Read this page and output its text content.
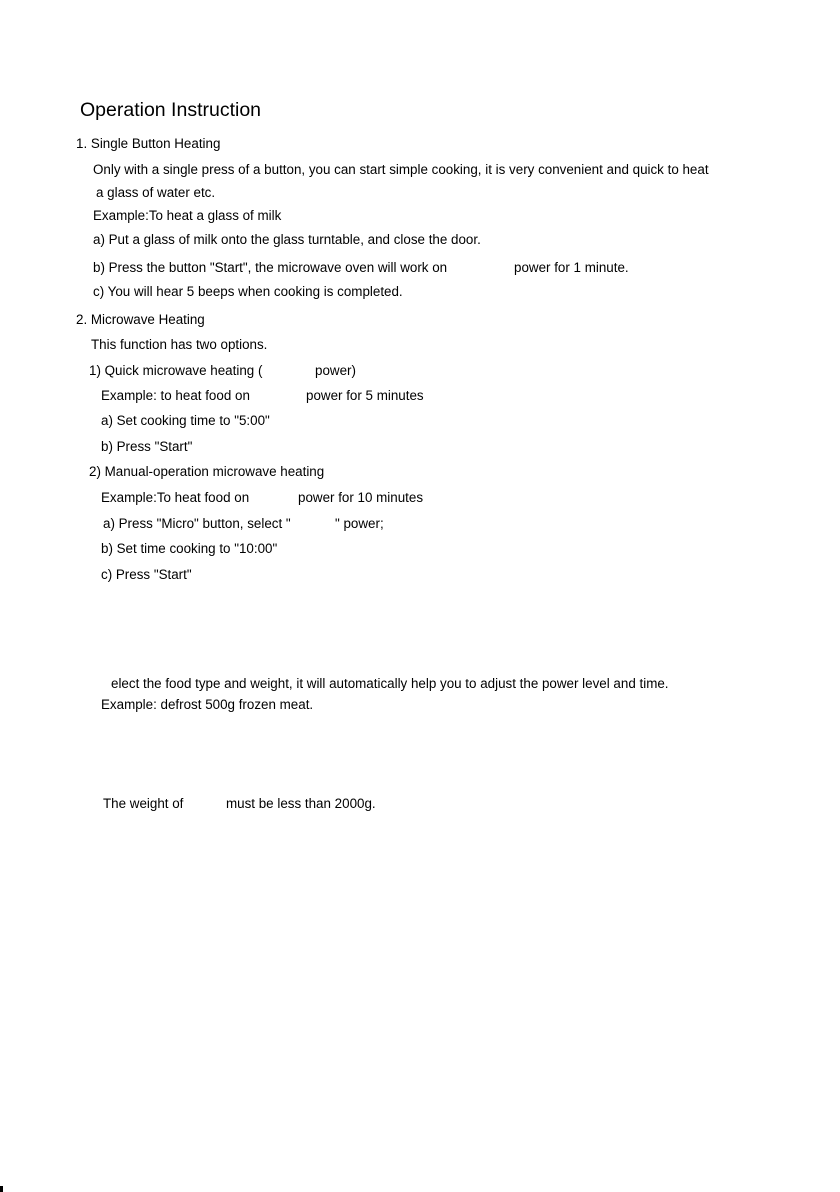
Operation Instruction
1. Single Button Heating
Only with a single press of a button, you can start simple cooking, it is very convenient and quick to heat
a glass of water etc.
Example:To heat a glass of milk
a) Put a glass of milk onto the glass turntable, and close the door.
b) Press the button "Start", the microwave oven will work on	power for 1 minute.
c) You will hear 5 beeps when cooking is completed.
2. Microwave Heating
This function has two options.
1) Quick microwave heating (	power)
Example: to heat food on	power for 5 minutes
a) Set cooking time to "5:00"
b) Press "Start"
2) Manual-operation microwave heating
Example:To heat food on	power for 10 minutes
a) Press "Micro" button, select "	" power;
b) Set time cooking to "10:00"
c) Press "Start"
elect the food type and weight, it will automatically help you to adjust the power level and time.
Example: defrost 500g frozen meat.
The weight of	must be less than 2000g.
